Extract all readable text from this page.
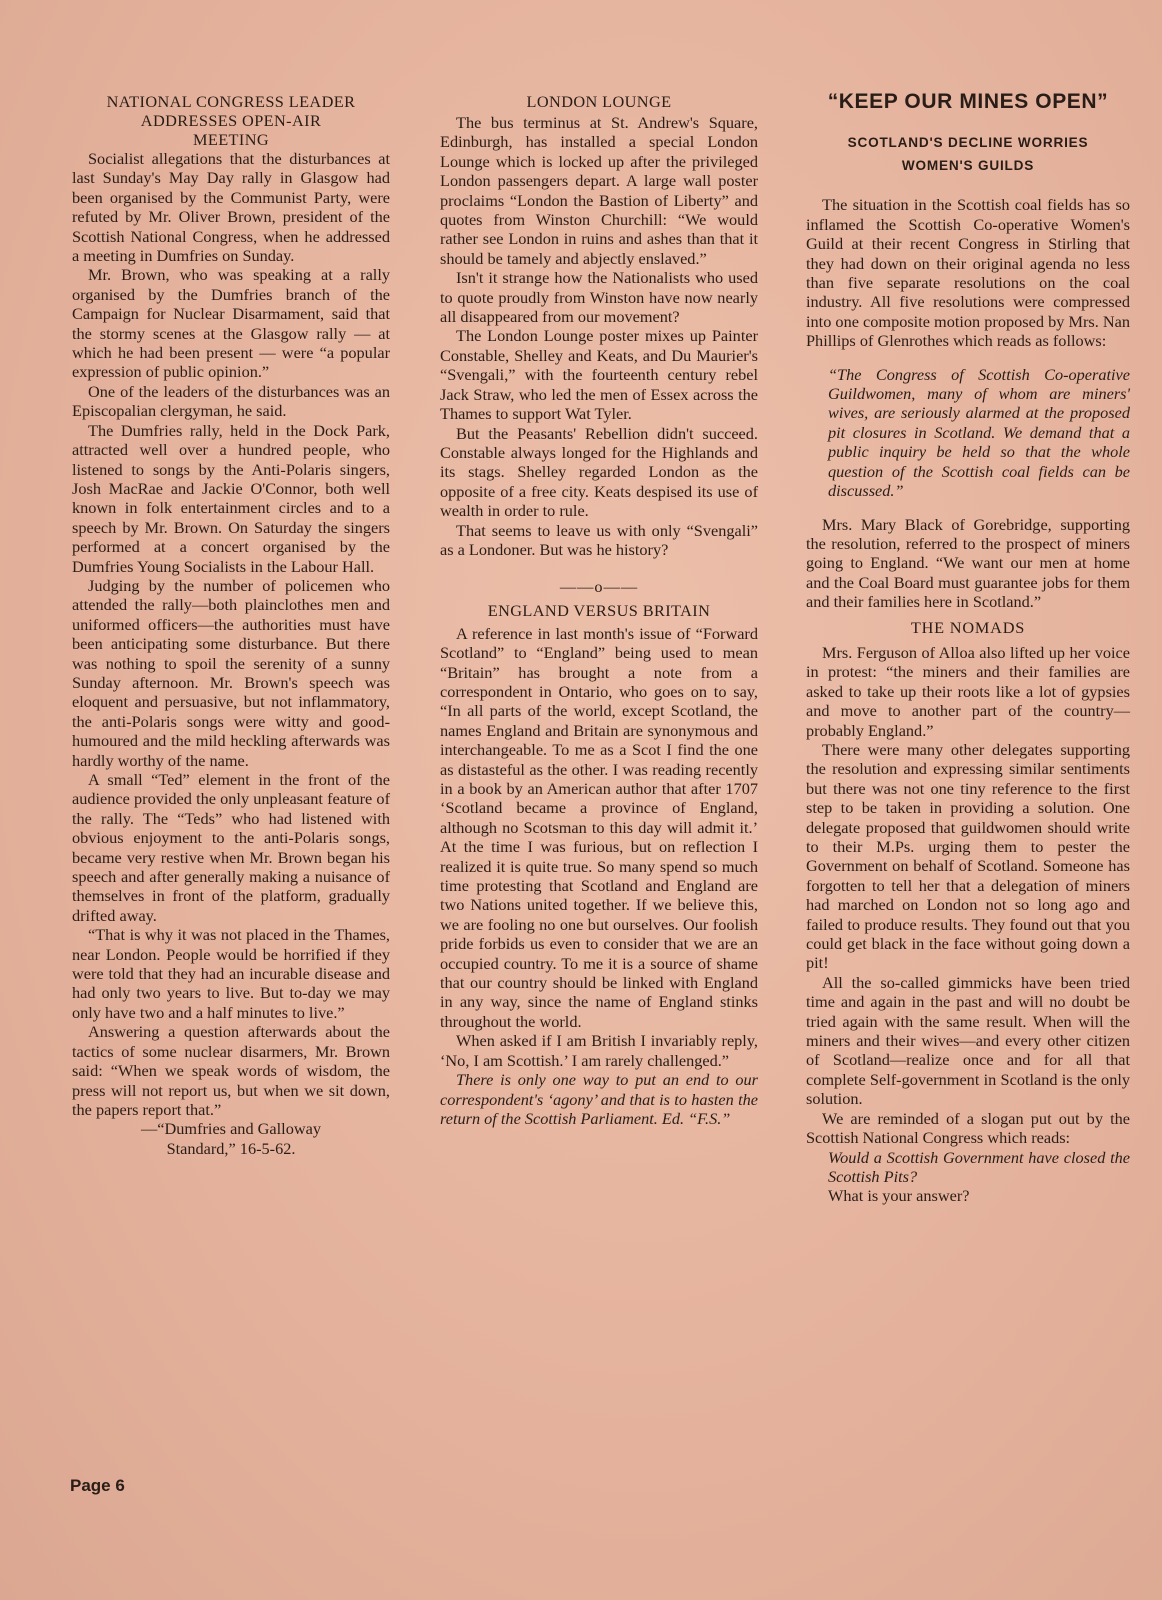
NATIONAL CONGRESS LEADER
ADDRESSES OPEN-AIR
MEETING

Socialist allegations that the disturbances at last Sunday's May Day rally in Glasgow had been organised by the Communist Party, were refuted by Mr. Oliver Brown, president of the Scottish National Congress, when he addressed a meeting in Dumfries on Sunday.

Mr. Brown, who was speaking at a rally organised by the Dumfries branch of the Campaign for Nuclear Disarmament, said that the stormy scenes at the Glasgow rally — at which he had been present — were “a popular expression of public opinion.”

One of the leaders of the disturbances was an Episcopalian clergyman, he said.

The Dumfries rally, held in the Dock Park, attracted well over a hundred people, who listened to songs by the Anti-Polaris singers, Josh MacRae and Jackie O'Connor, both well known in folk entertainment circles and to a speech by Mr. Brown. On Saturday the singers performed at a concert organised by the Dumfries Young Socialists in the Labour Hall.

Judging by the number of policemen who attended the rally—both plainclothes men and uniformed officers—the authorities must have been anticipating some disturbance. But there was nothing to spoil the serenity of a sunny Sunday afternoon. Mr. Brown's speech was eloquent and persuasive, but not inflammatory, the anti-Polaris songs were witty and good-humoured and the mild heckling afterwards was hardly worthy of the name.

A small “Ted” element in the front of the audience provided the only unpleasant feature of the rally. The “Teds” who had listened with obvious enjoyment to the anti-Polaris songs, became very restive when Mr. Brown began his speech and after generally making a nuisance of themselves in front of the platform, gradually drifted away.

“That is why it was not placed in the Thames, near London. People would be horrified if they were told that they had an incurable disease and had only two years to live. But to-day we may only have two and a half minutes to live.”

Answering a question afterwards about the tactics of some nuclear disarmers, Mr. Brown said: “When we speak words of wisdom, the press will not report us, but when we sit down, the papers report that.”

—“Dumfries and Galloway
Standard,” 16-5-62.

LONDON LOUNGE

The bus terminus at St. Andrew's Square, Edinburgh, has installed a special London Lounge which is locked up after the privileged London passengers depart. A large wall poster proclaims “London the Bastion of Liberty” and quotes from Winston Churchill: “We would rather see London in ruins and ashes than that it should be tamely and abjectly enslaved.”

Isn't it strange how the Nationalists who used to quote proudly from Winston have now nearly all disappeared from our movement?

The London Lounge poster mixes up Painter Constable, Shelley and Keats, and Du Maurier's “Svengali,” with the fourteenth century rebel Jack Straw, who led the men of Essex across the Thames to support Wat Tyler.

But the Peasants' Rebellion didn't succeed. Constable always longed for the Highlands and its stags. Shelley regarded London as the opposite of a free city. Keats despised its use of wealth in order to rule.

That seems to leave us with only “Svengali” as a Londoner. But was he history?

——o——
ENGLAND VERSUS BRITAIN

A reference in last month's issue of “Forward Scotland” to “England” being used to mean “Britain” has brought a note from a correspondent in Ontario, who goes on to say, “In all parts of the world, except Scotland, the names England and Britain are synonymous and interchangeable. To me as a Scot I find the one as distasteful as the other. I was reading recently in a book by an American author that after 1707 ‘Scotland became a province of England, although no Scotsman to this day will admit it.’ At the time I was furious, but on reflection I realized it is quite true. So many spend so much time protesting that Scotland and England are two Nations united together. If we believe this, we are fooling no one but ourselves. Our foolish pride forbids us even to consider that we are an occupied country. To me it is a source of shame that our country should be linked with England in any way, since the name of England stinks throughout the world.

When asked if I am British I invariably reply, ‘No, I am Scottish.’ I am rarely challenged.”

There is only one way to put an end to our correspondent's ‘agony’ and that is to hasten the return of the Scottish Parliament. Ed. “F.S.”

“KEEP OUR MINES OPEN”
SCOTLAND'S DECLINE WORRIES
WOMEN'S GUILDS

The situation in the Scottish coal fields has so inflamed the Scottish Co-operative Women's Guild at their recent Congress in Stirling that they had down on their original agenda no less than five separate resolutions on the coal industry. All five resolutions were compressed into one composite motion proposed by Mrs. Nan Phillips of Glenrothes which reads as follows:

“The Congress of Scottish Co-operative Guildwomen, many of whom are miners' wives, are seriously alarmed at the proposed pit closures in Scotland. We demand that a public inquiry be held so that the whole question of the Scottish coal fields can be discussed.”

Mrs. Mary Black of Gorebridge, supporting the resolution, referred to the prospect of miners going to England. “We want our men at home and the Coal Board must guarantee jobs for them and their families here in Scotland.”

THE NOMADS

Mrs. Ferguson of Alloa also lifted up her voice in protest: “the miners and their families are asked to take up their roots like a lot of gypsies and move to another part of the country—probably England.”

There were many other delegates supporting the resolution and expressing similar sentiments but there was not one tiny reference to the first step to be taken in providing a solution. One delegate proposed that guildwomen should write to their M.Ps. urging them to pester the Government on behalf of Scotland. Someone has forgotten to tell her that a delegation of miners had marched on London not so long ago and failed to produce results. They found out that you could get black in the face without going down a pit!

All the so-called gimmicks have been tried time and again in the past and will no doubt be tried again with the same result. When will the miners and their wives—and every other citizen of Scotland—realize once and for all that complete Self-government in Scotland is the only solution.

We are reminded of a slogan put out by the Scottish National Congress which reads:

Would a Scottish Government have closed the Scottish Pits?

What is your answer?

Page 6
